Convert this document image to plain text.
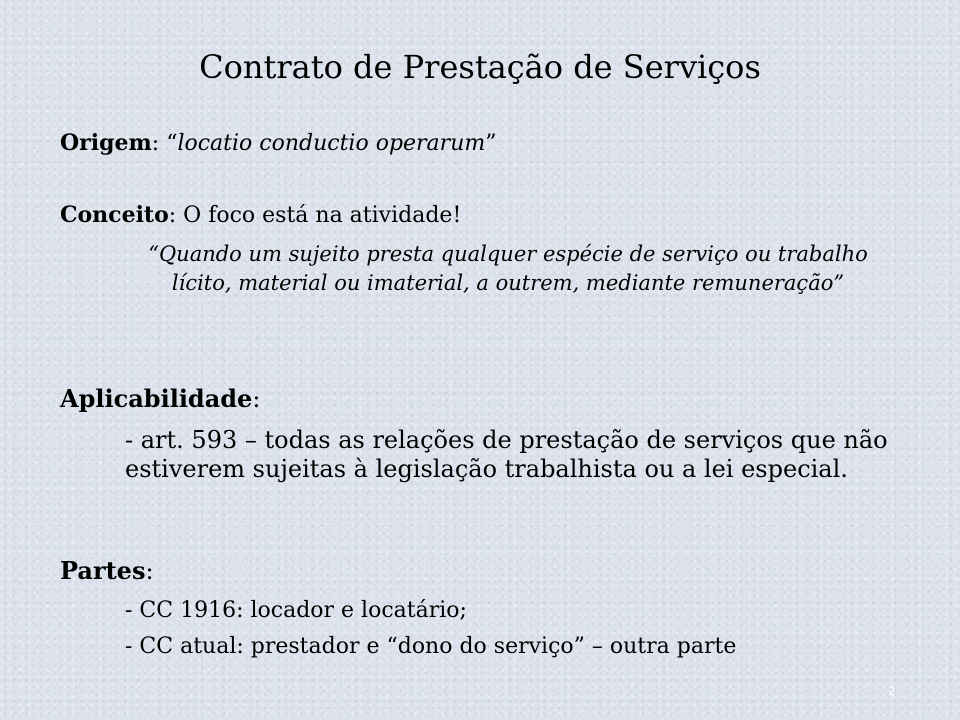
Contrato de Prestação de Serviços
Origem: “locatio conductio operarum”
Conceito: O foco está na atividade!
“Quando um sujeito presta qualquer espécie de serviço ou trabalho lícito, material ou imaterial, a outrem, mediante remuneração”
Aplicabilidade:
- art. 593 – todas as relações de prestação de serviços que não estiverem sujeitas à legislação trabalhista ou a lei especial.
Partes:
- CC 1916: locador e locatário;
- CC atual: prestador e “dono do serviço” – outra parte
2
